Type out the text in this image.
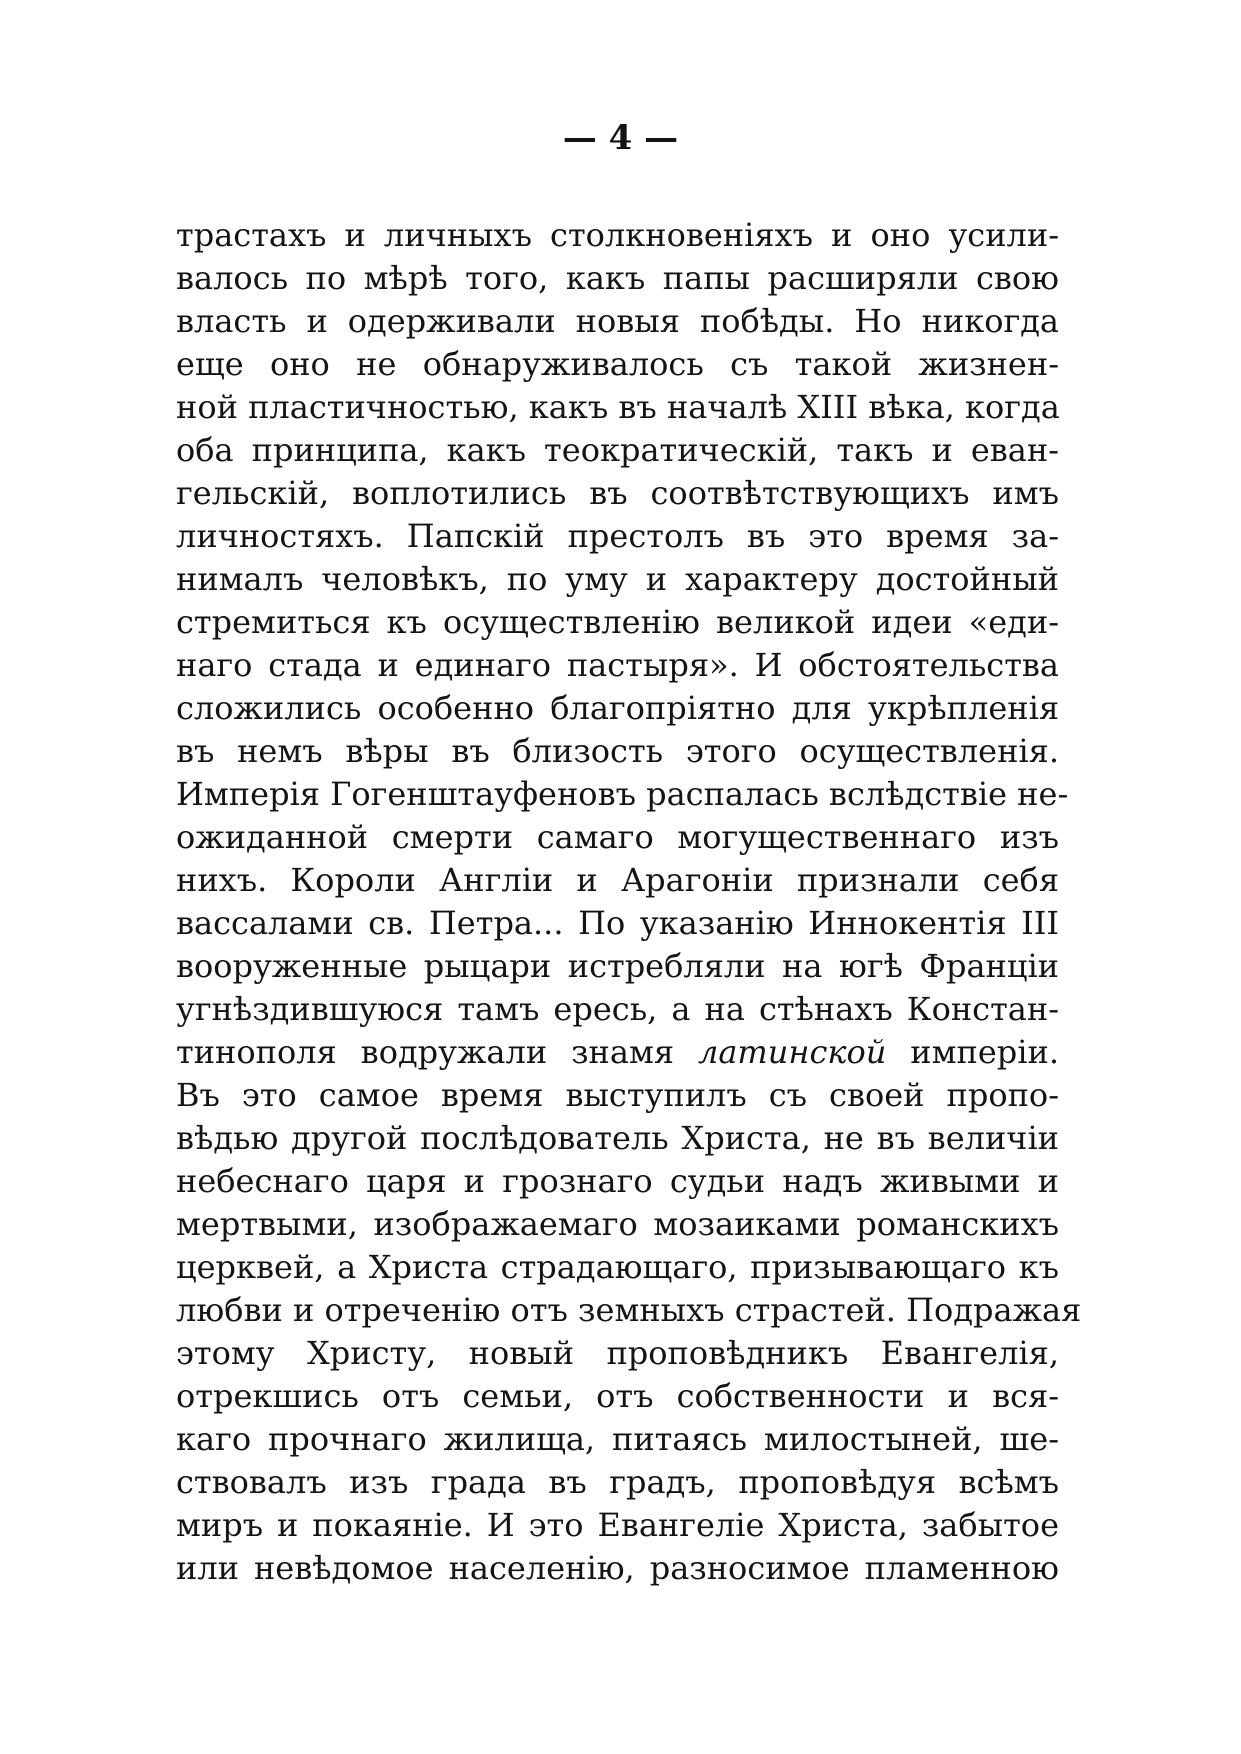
— 4 —
трастахъ и личныхъ столкновеніяхъ и оно усили-
валось по мѣрѣ того, какъ папы расширяли свою
власть и одерживали новыя побѣды. Но никогда
еще оно не обнаруживалось съ такой жизнен-
ной пластичностью, какъ въ началѣ XIII вѣка, когда
оба принципа, какъ теократическій, такъ и еван-
гельскій, воплотились въ соотвѣтствующихъ имъ
личностяхъ. Папскій престолъ въ это время за-
нималъ человѣкъ, по уму и характеру достойный
стремиться къ осуществленію великой идеи «еди-
наго стада и единаго пастыря». И обстоятельства
сложились особенно благопріятно для укрѣпленія
въ немъ вѣры въ близость этого осуществленія.
Имперія Гогенштауфеновъ распалась вслѣдствіе не-
ожиданной смерти самаго могущественнаго изъ
нихъ. Короли Англіи и Арагоніи признали себя
вассалами св. Петра... По указанію Иннокентія III
вооруженные рыцари истребляли на югѣ Франціи
угнѣздившуюся тамъ ересь, а на стѣнахъ Констан-
тинополя водружали знамя латинской имперіи.
Въ это самое время выступилъ съ своей пропо-
вѣдью другой послѣдователь Христа, не въ величіи
небеснаго царя и грознаго судьи надъ живыми и
мертвыми, изображаемаго мозаиками романскихъ
церквей, а Христа страдающаго, призывающаго къ
любви и отреченію отъ земныхъ страстей. Подражая
этому Христу, новый проповѣдникъ Евангелія,
отрекшись отъ семьи, отъ собственности и вся-
каго прочнаго жилища, питаясь милостыней, ше-
ствовалъ изъ града въ градъ, проповѣдуя всѣмъ
миръ и покаяніе. И это Евангеліе Христа, забытое
или невѣдомое населенію, разносимое пламенною
